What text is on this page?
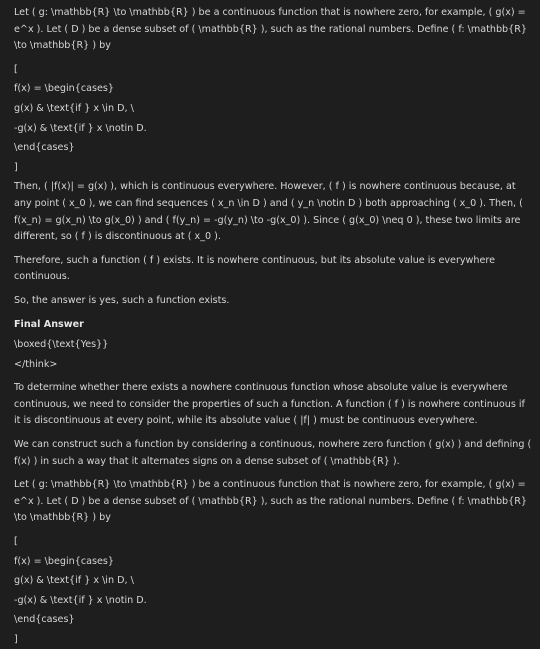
Let ( g: \mathbb{R} \to \mathbb{R} ) be a continuous function that is nowhere zero, for example, ( g(x) = e^x ). Let ( D ) be a dense subset of ( \mathbb{R} ), such as the rational numbers. Define ( f: \mathbb{R} \to \mathbb{R} ) by

[
f(x) = \begin{cases}
g(x) & \text{if } x \in D, \
-g(x) & \text{if } x \notin D.
\end{cases}
]

Then, ( |f(x)| = g(x) ), which is continuous everywhere. However, ( f ) is nowhere continuous because, at any point ( x_0 ), we can find sequences ( x_n \in D ) and ( y_n \notin D ) both approaching ( x_0 ). Then, ( f(x_n) = g(x_n) \to g(x_0) ) and ( f(y_n) = -g(y_n) \to -g(x_0) ). Since ( g(x_0) \neq 0 ), these two limits are different, so ( f ) is discontinuous at ( x_0 ).

Therefore, such a function ( f ) exists. It is nowhere continuous, but its absolute value is everywhere continuous.

So, the answer is yes, such a function exists.

Final Answer

\boxed{\text{Yes}}

</think>

To determine whether there exists a nowhere continuous function whose absolute value is everywhere continuous, we need to consider the properties of such a function. A function ( f ) is nowhere continuous if it is discontinuous at every point, while its absolute value ( |f| ) must be continuous everywhere.

We can construct such a function by considering a continuous, nowhere zero function ( g(x) ) and defining ( f(x) ) in such a way that it alternates signs on a dense subset of ( \mathbb{R} ).

Let ( g: \mathbb{R} \to \mathbb{R} ) be a continuous function that is nowhere zero, for example, ( g(x) = e^x ). Let ( D ) be a dense subset of ( \mathbb{R} ), such as the rational numbers. Define ( f: \mathbb{R} \to \mathbb{R} ) by

[
f(x) = \begin{cases}
g(x) & \text{if } x \in D, \
-g(x) & \text{if } x \notin D.
\end{cases}
]
